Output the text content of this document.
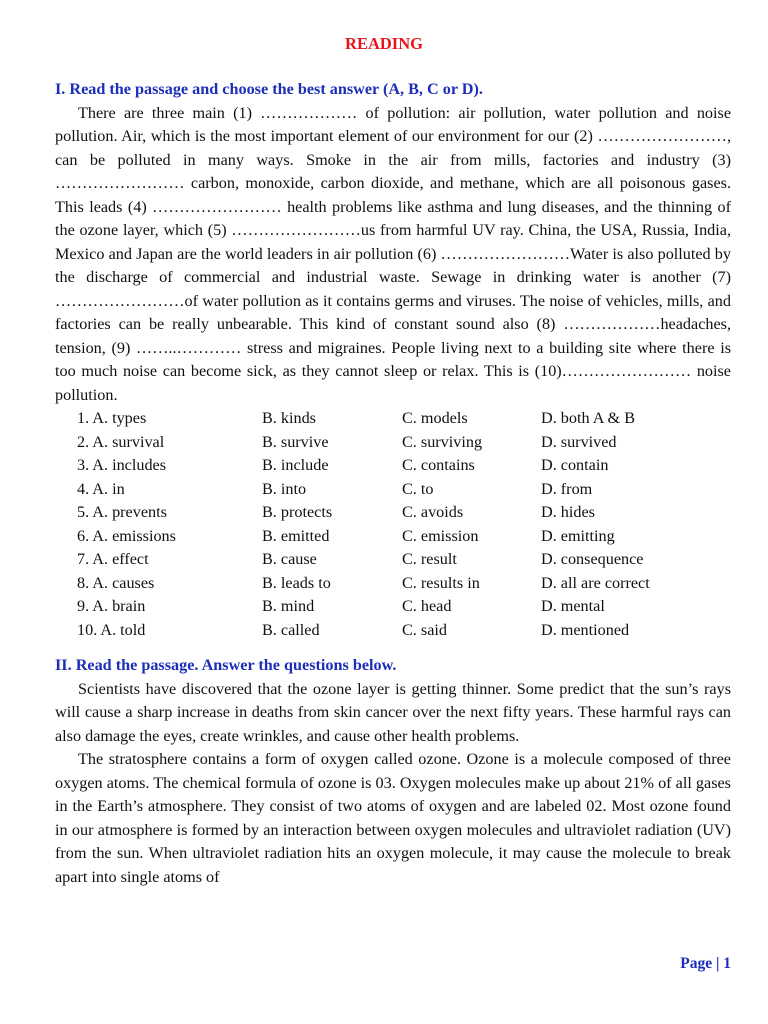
READING
I. Read the passage and choose the best answer (A, B, C or D).

There are three main (1) ……………… of pollution: air pollution, water pollution and noise pollution. Air, which is the most important element of our environment for our (2) ……………………, can be polluted in many ways. Smoke in the air from mills, factories and industry (3) …………………… carbon, monoxide, carbon dioxide, and methane, which are all poisonous gases. This leads (4) …………………… health problems like asthma and lung diseases, and the thinning of the ozone layer, which (5) ……………………us from harmful UV ray. China, the USA, Russia, India, Mexico and Japan are the world leaders in air pollution (6) ……………………Water is also polluted by the discharge of commercial and industrial waste. Sewage in drinking water is another (7) ……………………of water pollution as it contains germs and viruses. The noise of vehicles, mills, and factories can be really unbearable. This kind of constant sound also (8) ………………headaches, tension, (9) ……..………… stress and migraines. People living next to a building site where there is too much noise can become sick, as they cannot sleep or relax. This is (10)…………………… noise pollution.

1. A. types	B. kinds	C. models	D. both A & B
2. A. survival	B. survive	C. surviving	D. survived
3. A. includes	B. include	C. contains	D. contain
4. A. in	B. into	C. to	D. from
5. A. prevents	B. protects	C. avoids	D. hides
6. A. emissions	B. emitted	C. emission	D. emitting
7. A. effect	B. cause	C. result	D. consequence
8. A. causes	B. leads to	C. results in	D. all are correct
9. A. brain	B. mind	C. head	D. mental
10. A. told	B. called	C. said	D. mentioned
II. Read the passage. Answer the questions below.

Scientists have discovered that the ozone layer is getting thinner. Some predict that the sun’s rays will cause a sharp increase in deaths from skin cancer over the next fifty years. These harmful rays can also damage the eyes, create wrinkles, and cause other health problems.

The stratosphere contains a form of oxygen called ozone. Ozone is a molecule composed of three oxygen atoms. The chemical formula of ozone is 03. Oxygen molecules make up about 21% of all gases in the Earth’s atmosphere. They consist of two atoms of oxygen and are labeled 02. Most ozone found in our atmosphere is formed by an interaction between oxygen molecules and ultraviolet radiation (UV) from the sun. When ultraviolet radiation hits an oxygen molecule, it may cause the molecule to break apart into single atoms of

Page | 1
